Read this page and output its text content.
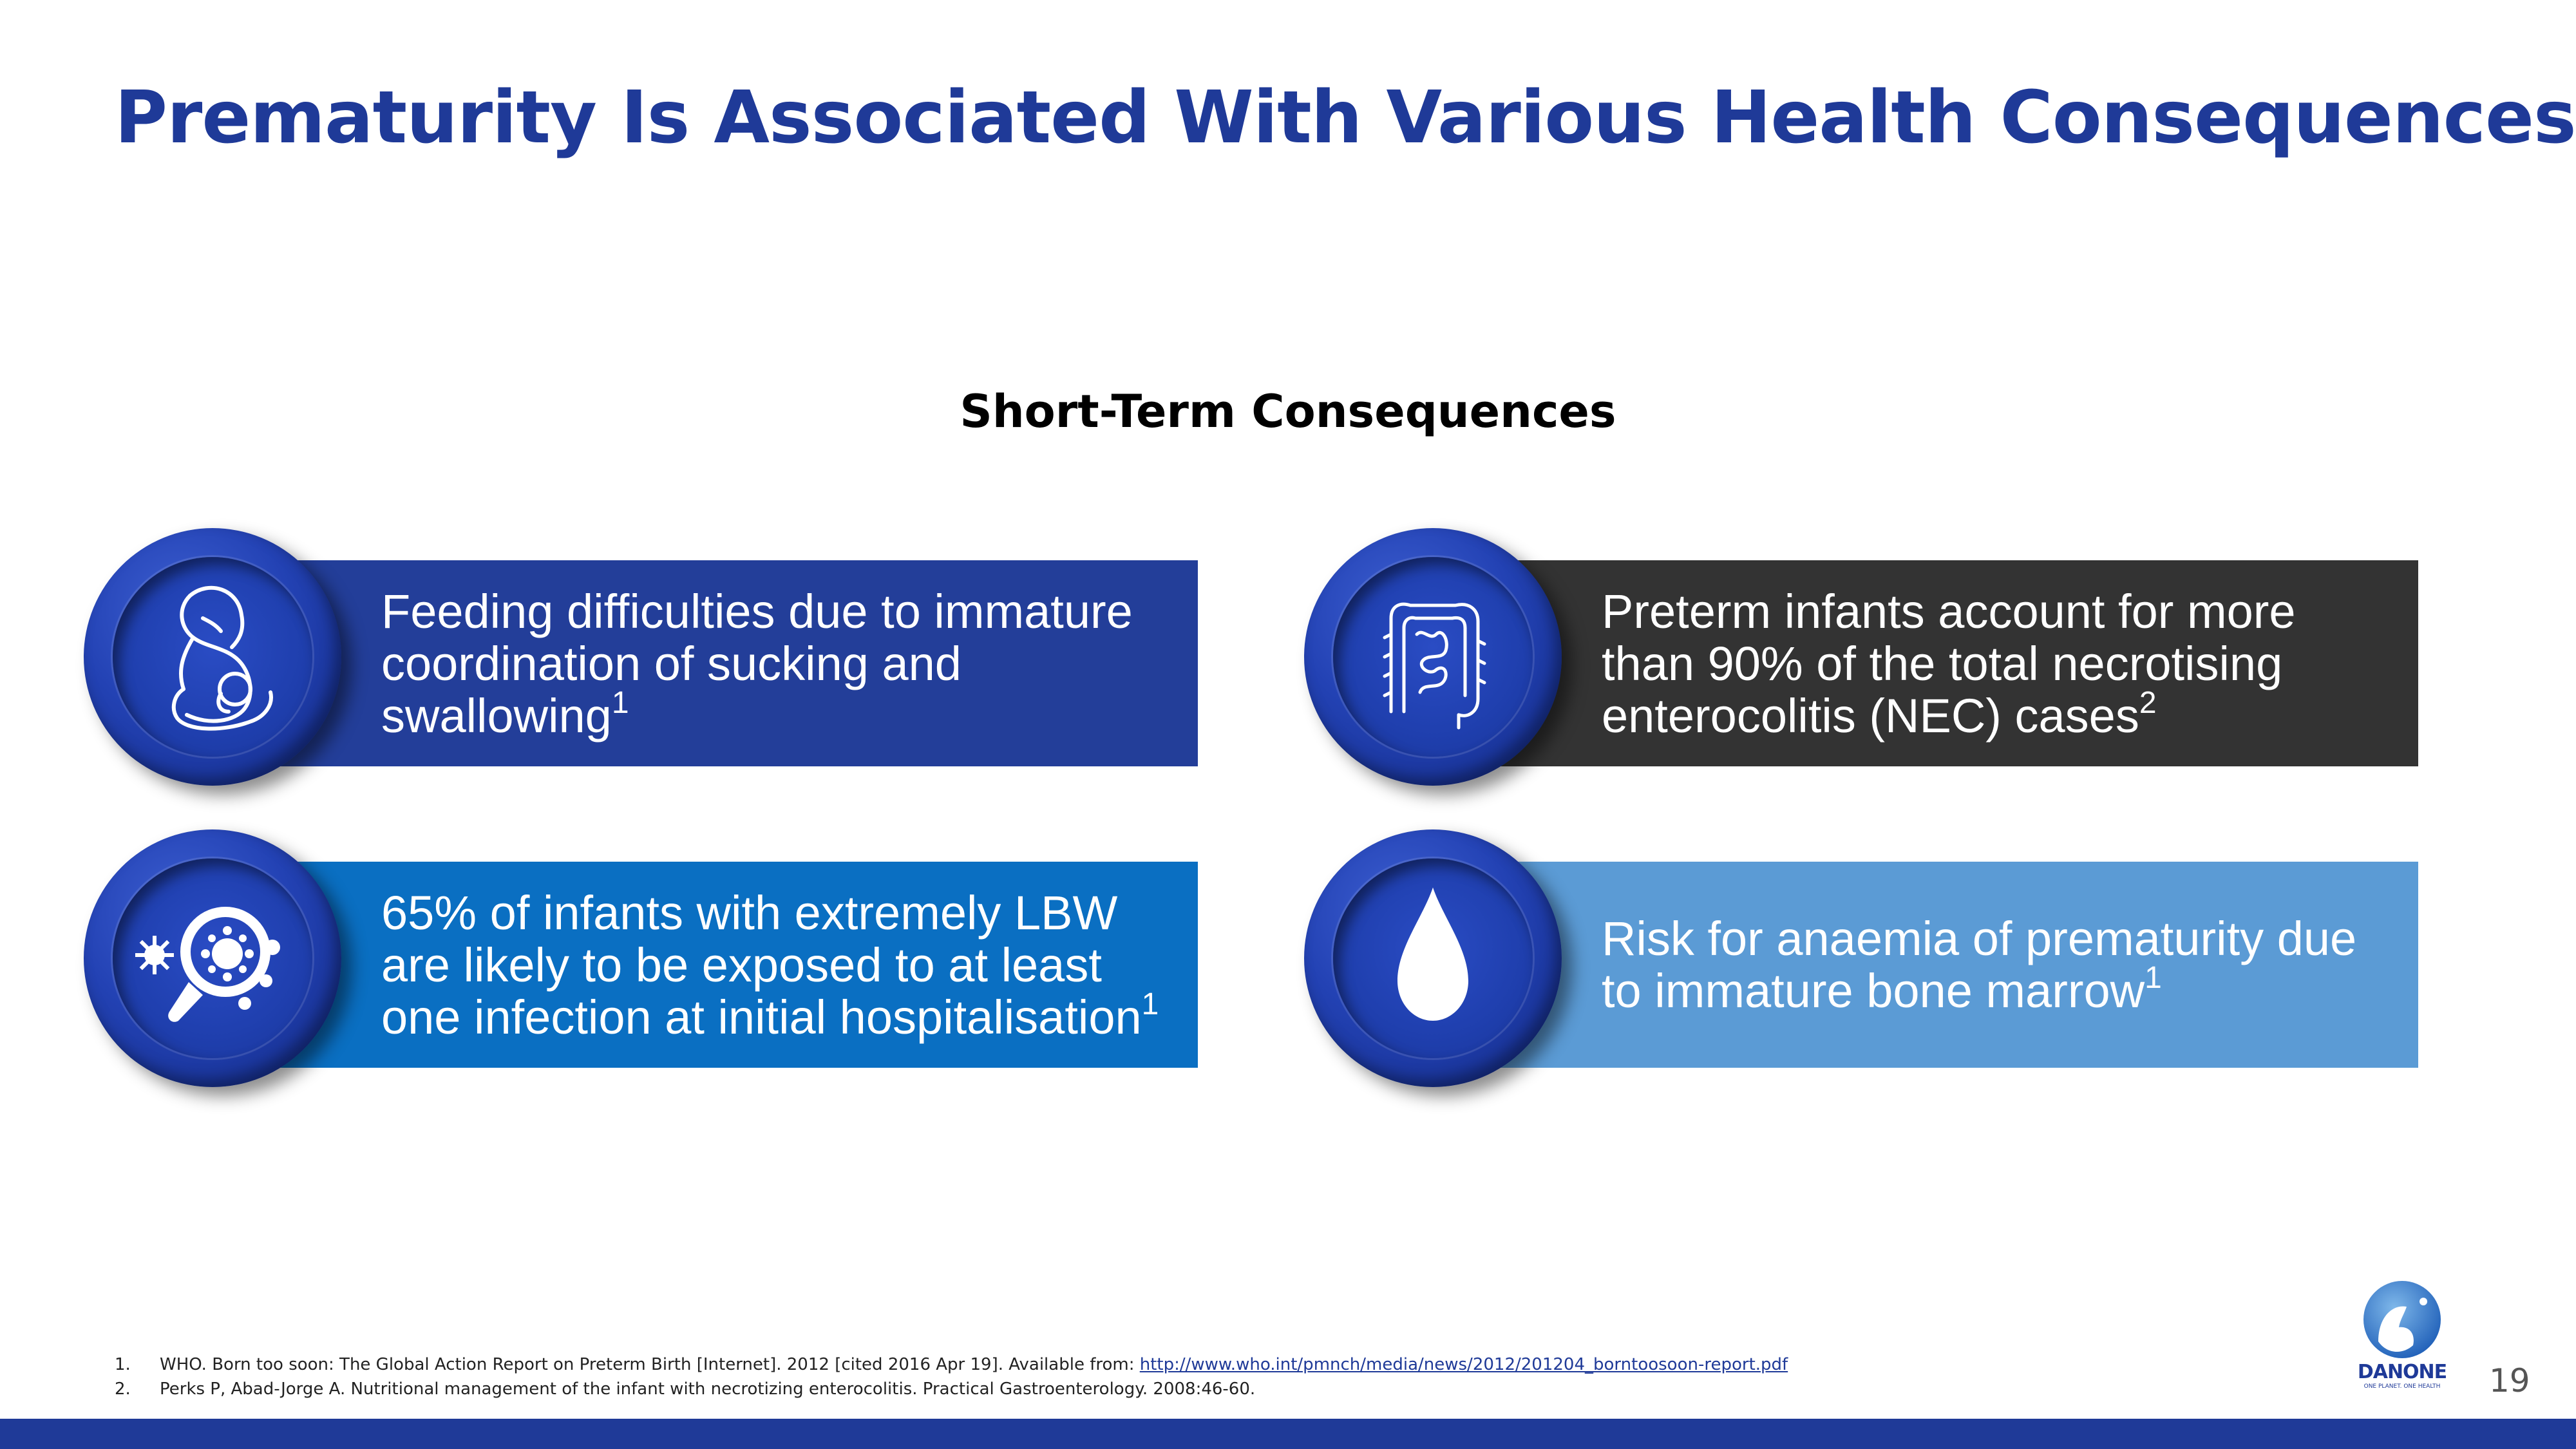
Prematurity Is Associated With Various Health Consequences
Short-Term Consequences
Feeding difficulties due to immature coordination of sucking and swallowing$^1$
Preterm infants account for more than 90% of the total necrotising enterocolitis (NEC) cases$^2$
65% of infants with extremely LBW are likely to be exposed to at least one infection at initial hospitalisation$^1$
Risk for anaemia of prematurity due to immature bone marrow$^1$
1.	WHO. Born too soon: The Global Action Report on Preterm Birth [Internet]. 2012 [cited 2016 Apr 19]. Available from: http://www.who.int/pmnch/media/news/2012/201204_borntoosoon-report.pdf
2.	Perks P, Abad-Jorge A. Nutritional management of the infant with necrotizing enterocolitis. Practical Gastroenterology. 2008:46-60.
DANONE
ONE PLANET. ONE HEALTH	19
